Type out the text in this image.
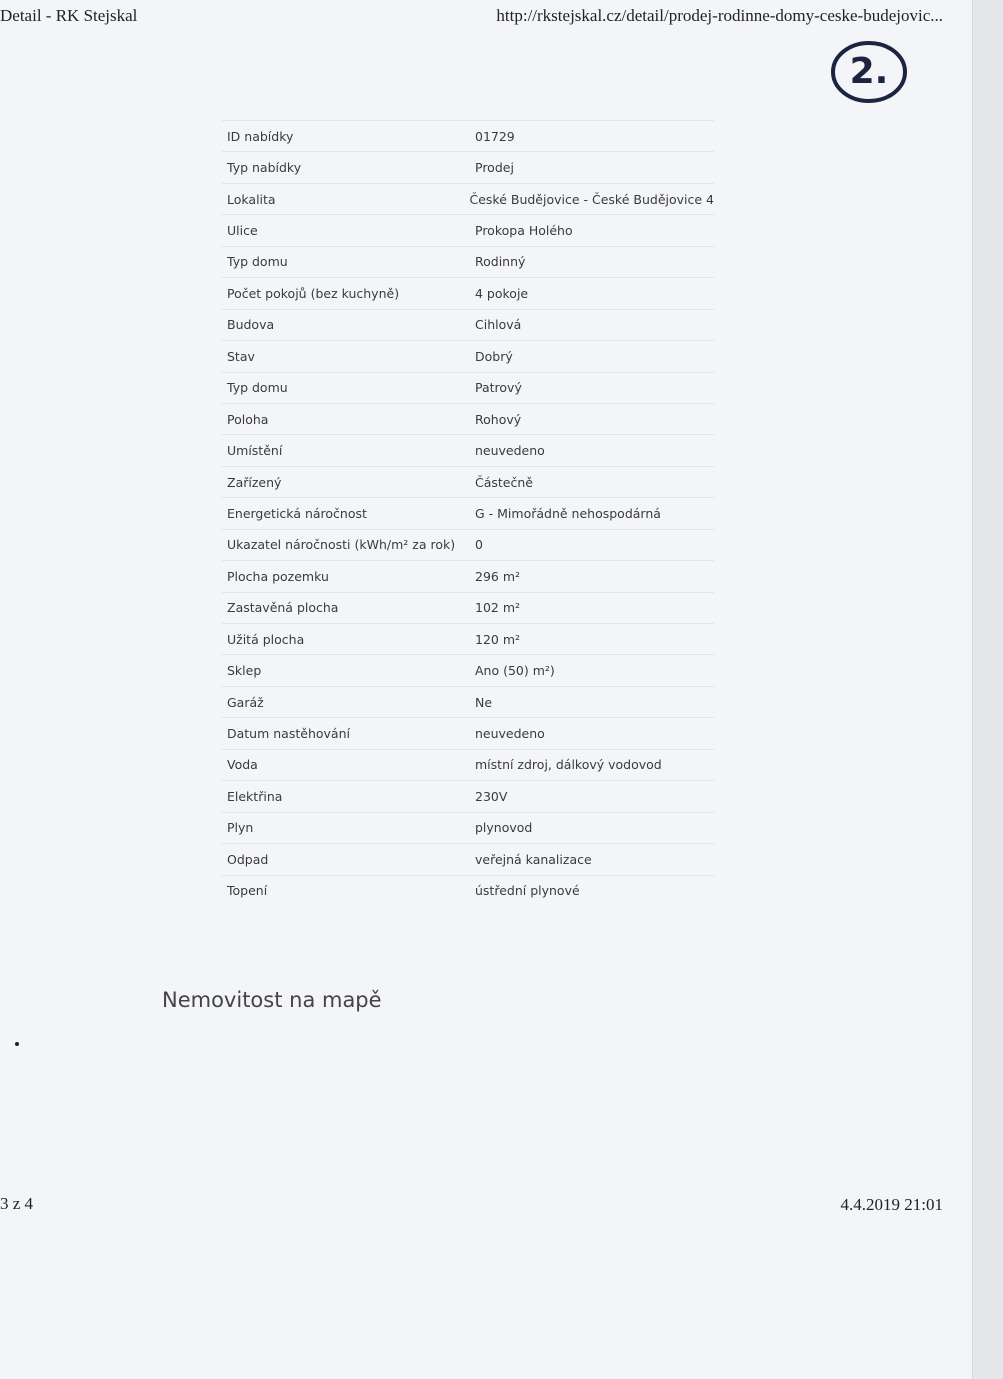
Detail - RK Stejskal	http://rkstejskal.cz/detail/prodej-rodinne-domy-ceske-budejovic...
2.
ID nabídky	01729
Typ nabídky	Prodej
Lokalita	České Budějovice - České Budějovice 4
Ulice	Prokopa Holého
Typ domu	Rodinný
Počet pokojů (bez kuchyně)	4 pokoje
Budova	Cihlová
Stav	Dobrý
Typ domu	Patrový
Poloha	Rohový
Umístění	neuvedeno
Zařízený	Částečně
Energetická náročnost	G - Mimořádně nehospodárná
Ukazatel náročnosti (kWh/m² za rok)	0
Plocha pozemku	296 m²
Zastavěná plocha	102 m²
Užitá plocha	120 m²
Sklep	Ano (50) m²)
Garáž	Ne
Datum nastěhování	neuvedeno
Voda	místní zdroj, dálkový vodovod
Elektřina	230V
Plyn	plynovod
Odpad	veřejná kanalizace
Topení	ústřední plynové
Nemovitost na mapě
3 z 4	4.4.2019 21:01
